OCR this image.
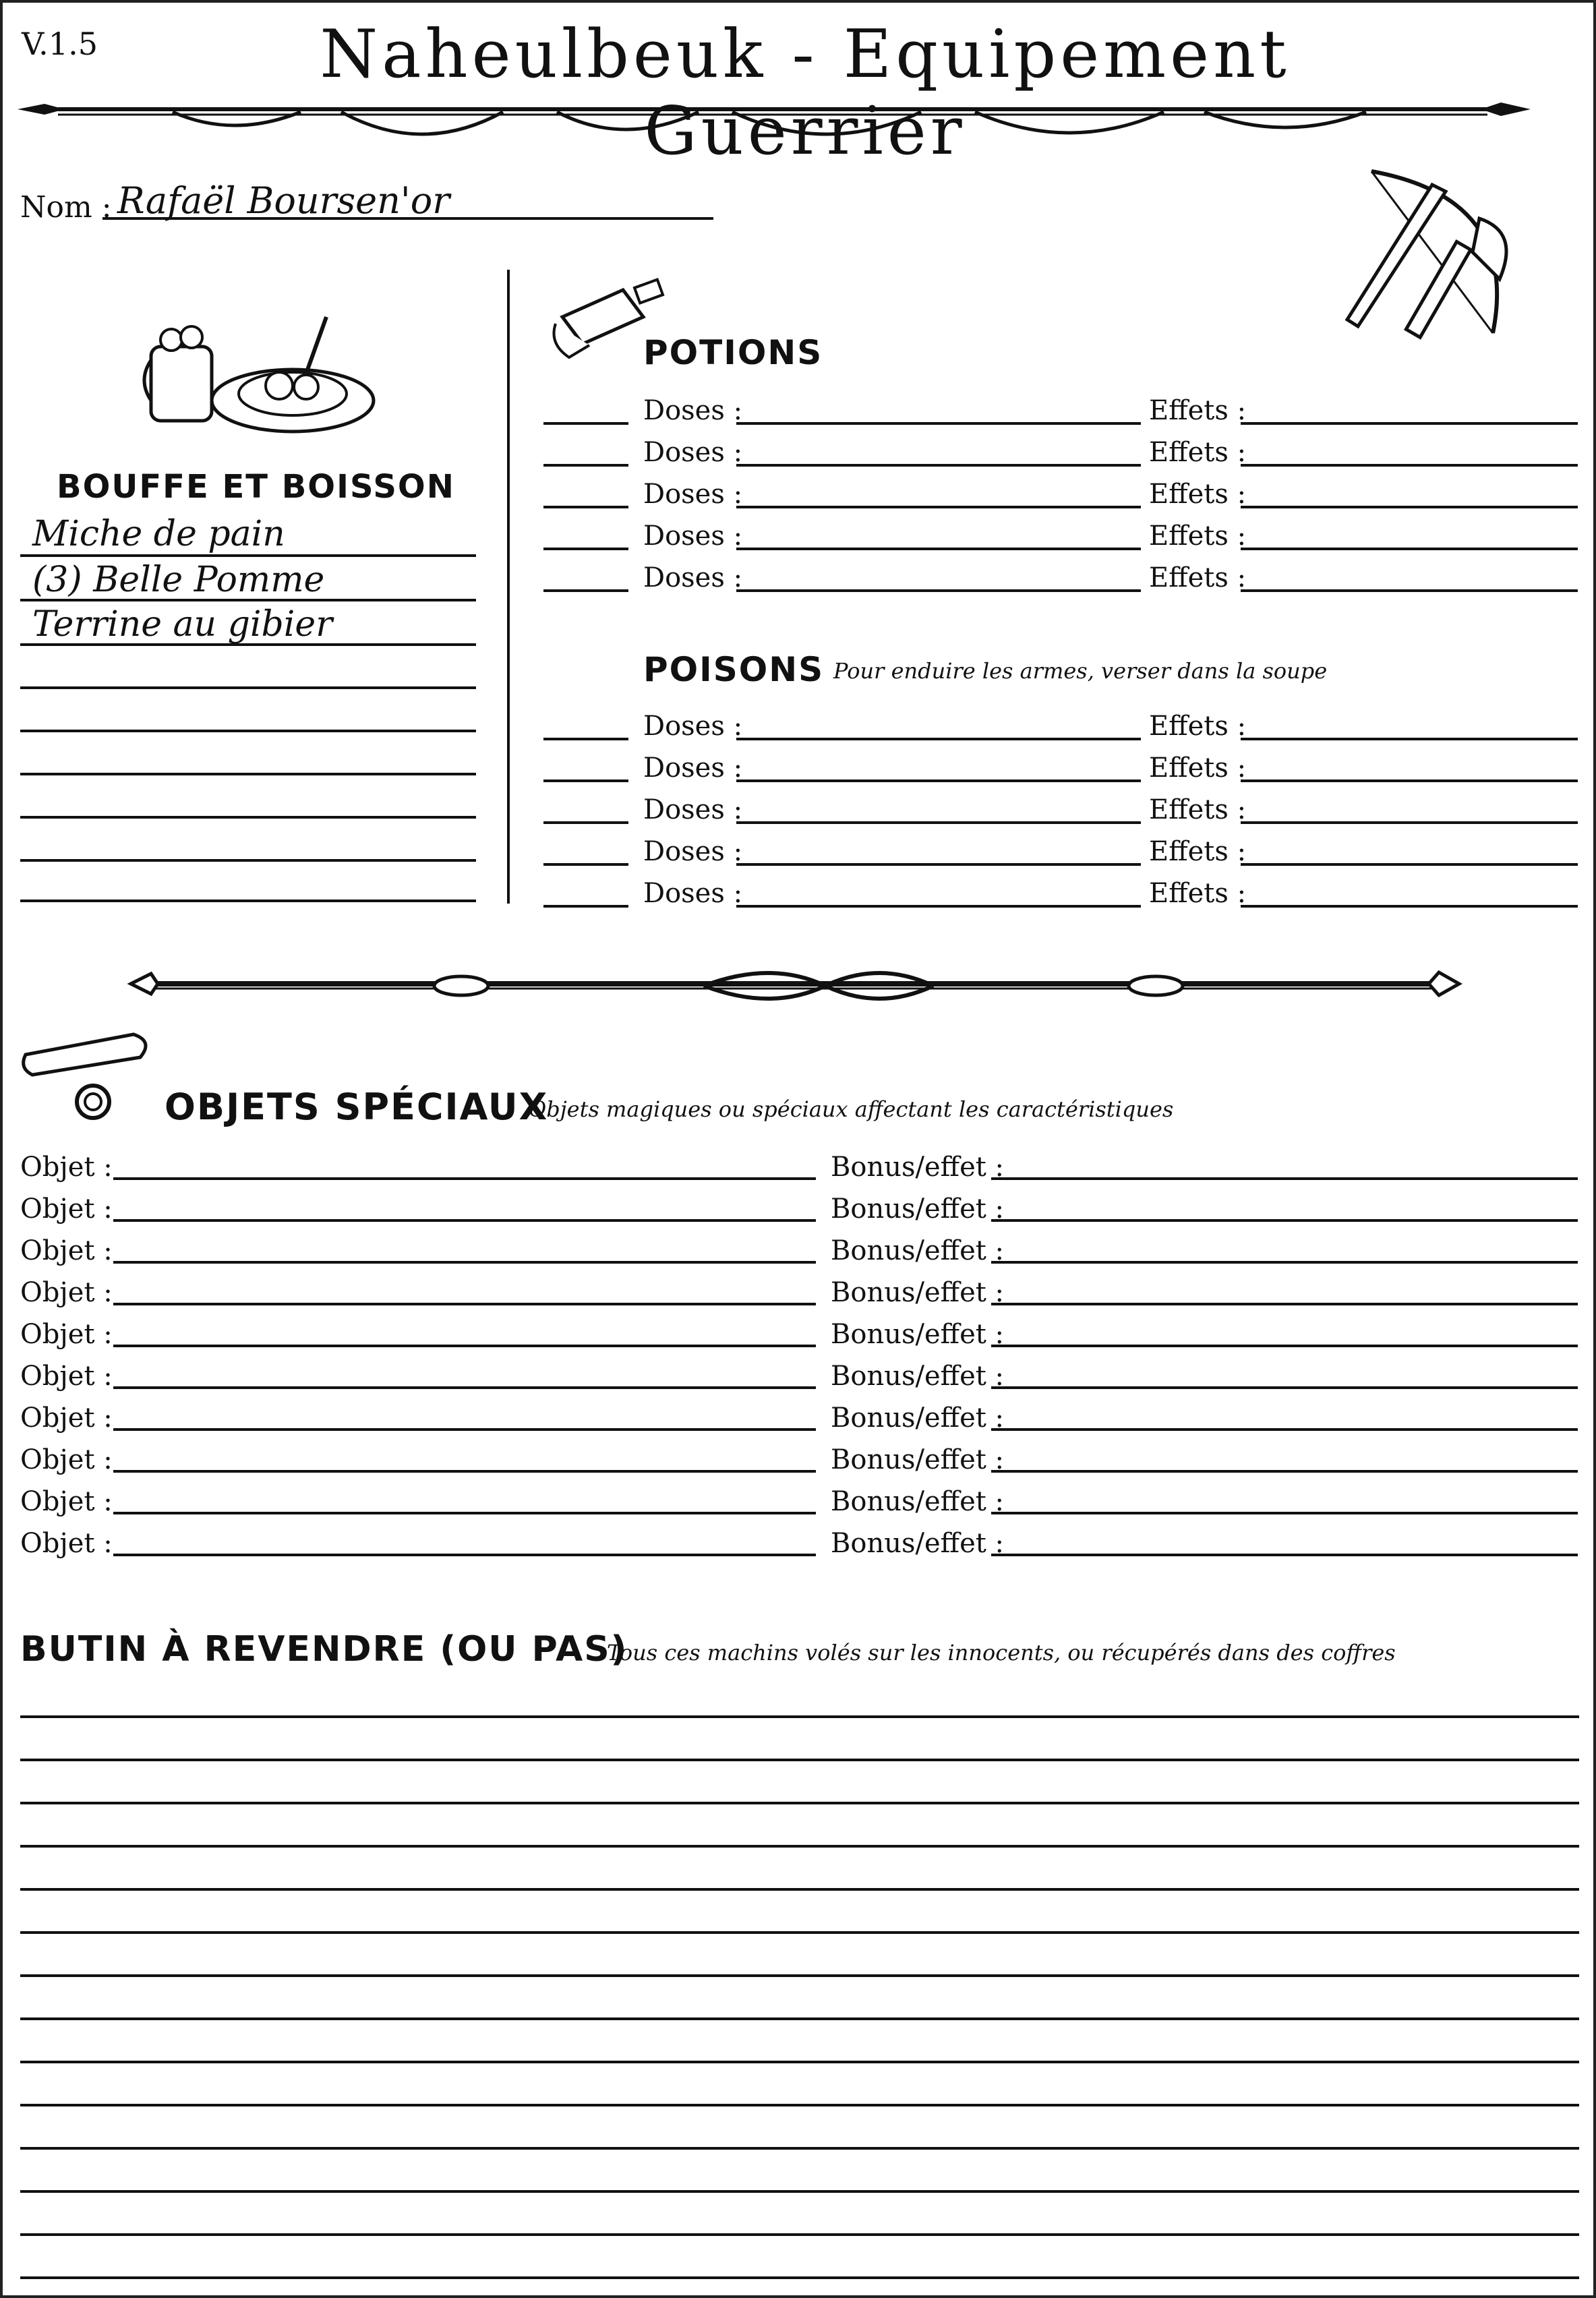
V.1.5	Naheulbeuk - Equipement Guerrier
Nom : Rafaël Boursen'or
BOUFFE ET BOISSON
Miche de pain
(3) Belle Pomme
Terrine au gibier
POTIONS
Doses :	Effets :
Doses :	Effets :
Doses :	Effets :
Doses :	Effets :
Doses :	Effets :
POISONS Pour enduire les armes, verser dans la soupe
Doses :	Effets :
Doses :	Effets :
Doses :	Effets :
Doses :	Effets :
Doses :	Effets :
OBJETS SPÉCIAUX
Objets magiques ou spéciaux affectant les caractéristiques
Objet :	Bonus/effet :
Objet :	Bonus/effet :
Objet :	Bonus/effet :
Objet :	Bonus/effet :
Objet :	Bonus/effet :
Objet :	Bonus/effet :
Objet :	Bonus/effet :
Objet :	Bonus/effet :
Objet :	Bonus/effet :
Objet :	Bonus/effet :
BUTIN À REVENDRE (OU PAS)
Tous ces machins volés sur les innocents, ou récupérés dans des coffres
